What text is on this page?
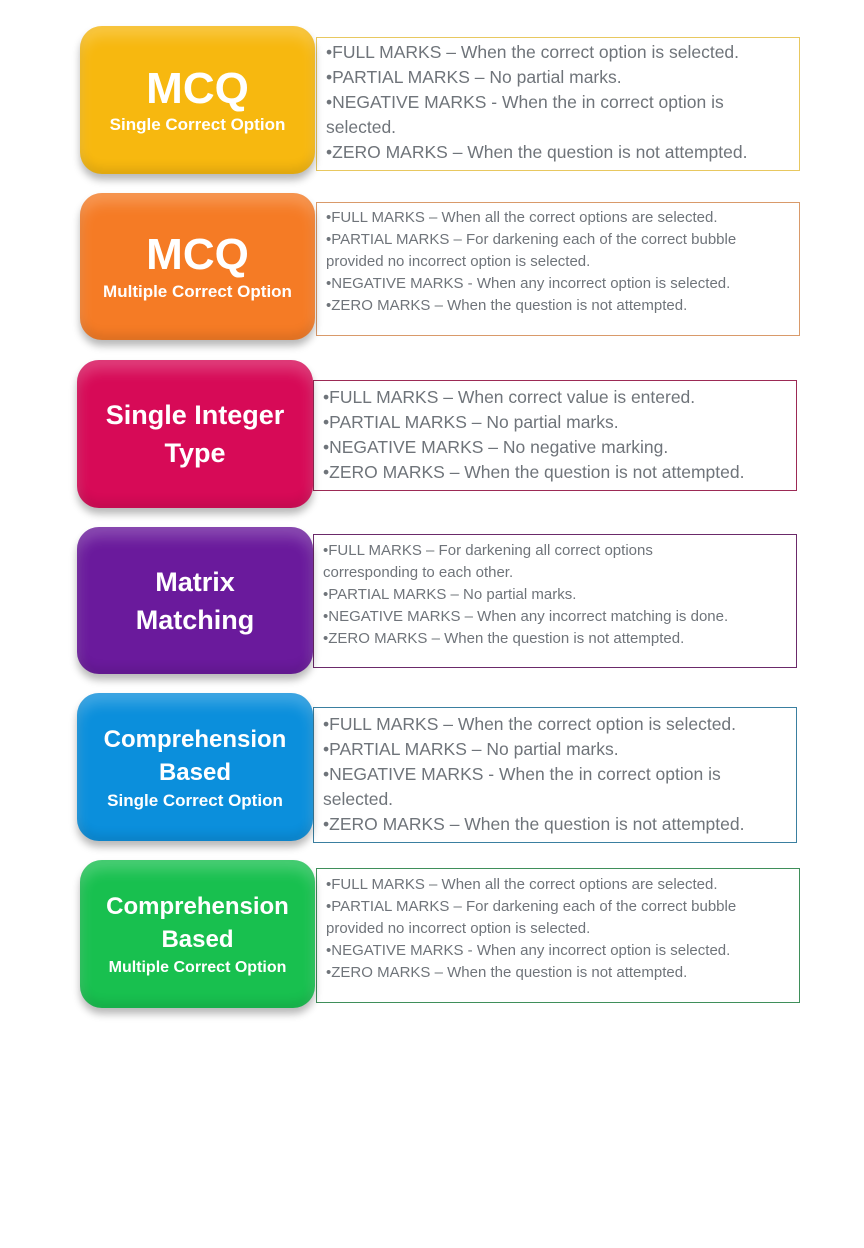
MCQ
Single Correct Option
•FULL MARKS – When the correct option is selected.
•PARTIAL MARKS – No partial marks.
•NEGATIVE MARKS - When the in correct option is
selected.
•ZERO MARKS – When the question is not attempted.
MCQ
Multiple Correct Option
•FULL MARKS – When all the correct options are selected.
•PARTIAL MARKS – For darkening each of the correct bubble
provided no incorrect option is selected.
•NEGATIVE MARKS - When any incorrect option is selected.
•ZERO MARKS – When the question is not attempted.
Single Integer
Type
•FULL MARKS – When correct value is entered.
•PARTIAL MARKS – No partial marks.
•NEGATIVE MARKS – No negative marking.
•ZERO MARKS – When the question is not attempted.
Matrix
Matching
•FULL MARKS – For darkening all correct options
corresponding to each other.
•PARTIAL MARKS – No partial marks.
•NEGATIVE MARKS – When any incorrect matching is done.
•ZERO MARKS – When the question is not attempted.
Comprehension
Based
Single Correct Option
•FULL MARKS – When the correct option is selected.
•PARTIAL MARKS – No partial marks.
•NEGATIVE MARKS - When the in correct option is
selected.
•ZERO MARKS – When the question is not attempted.
Comprehension
Based
Multiple Correct Option
•FULL MARKS – When all the correct options are selected.
•PARTIAL MARKS – For darkening each of the correct bubble
provided no incorrect option is selected.
•NEGATIVE MARKS - When any incorrect option is selected.
•ZERO MARKS – When the question is not attempted.
